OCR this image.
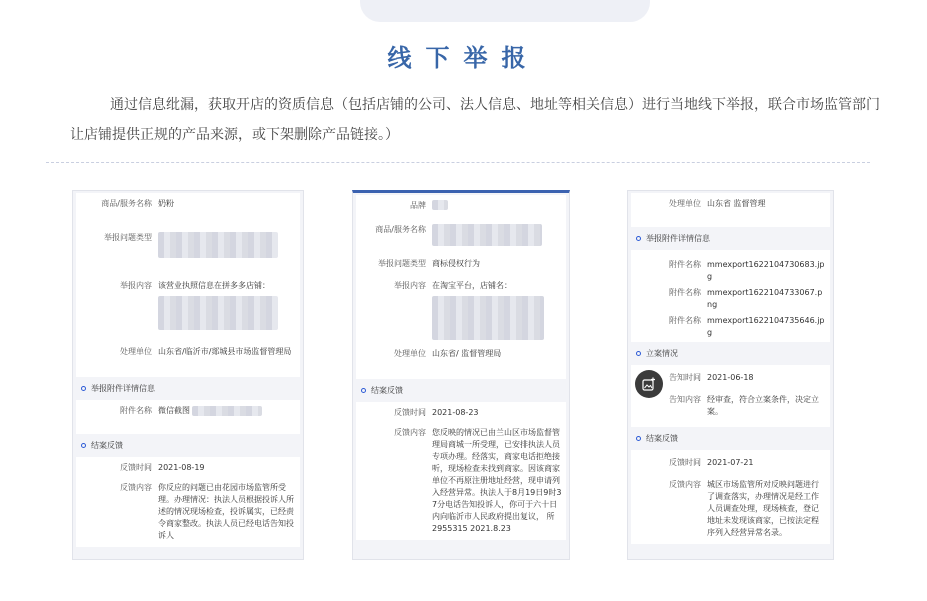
线下举报
通过信息纰漏，获取开店的资质信息（包括店铺的公司、法人信息、地址等相关信息）进行当地线下举报，联合市场监管部门让店铺提供正规的产品来源，或下架删除产品链接。）
商品/服务名称 奶粉
举报问题类型
举报内容 该营业执照信息在拼多多店铺：
处理单位 山东省/临沂市/郯城县市场监督管理局
举报附件详情信息
附件名称 微信截图
结案反馈
反馈时间 2021-08-19
反馈内容 你反应的问题已由花园市场监管所受理。办理情况：执法人员根据投诉人所述的情况现场检查，投诉属实，已经责令商家整改。执法人员已经电话告知投诉人
品牌
商品/服务名称
举报问题类型 商标侵权行为
举报内容 在淘宝平台，店铺名：
处理单位 山东省/ 监督管理局
结案反馈
反馈时间 2021-08-23
反馈内容 您反映的情况已由兰山区市场监督管理局商城一所受理，已安排执法人员专项办理。经落实，商家电话拒绝接听，现场检查未找到商家。因该商家单位不再原注册地址经营，现申请列入经营异常。执法人于8月19日9时37分电话告知投诉人，你可于六十日内向临沂市人民政府提出复议， 所 2955315 2021.8.23
处理单位 山东省 监督管理
举报附件详情信息
附件名称 mmexport1622104730683.jpg
附件名称 mmexport1622104733067.png
附件名称 mmexport1622104735646.jpg
立案情况
告知时间 2021-06-18
告知内容 经审查，符合立案条件，决定立案。
结案反馈
反馈时间 2021-07-21
反馈内容 城区市场监管所对反映问题进行了调查落实，办理情况是经工作人员调查处理，现场核查，登记地址未发现该商家，已按法定程序列入经营异常名录。
